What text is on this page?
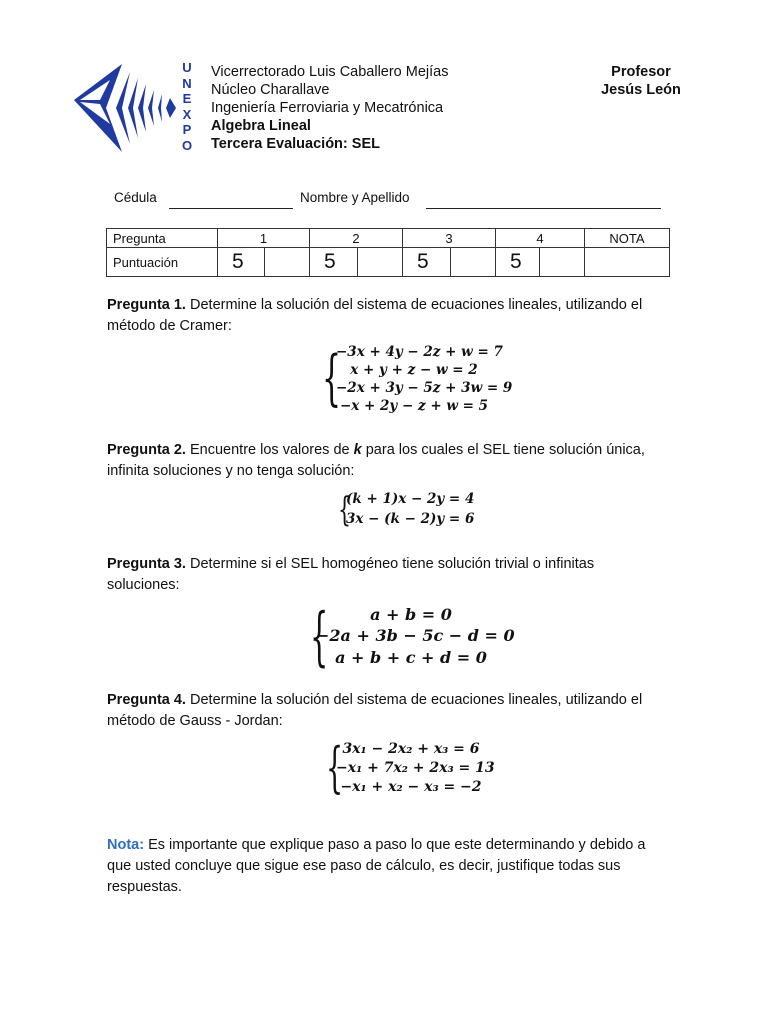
U
N
E
X
P
O
Vicerrectorado Luis Caballero Mejías
Núcleo Charallave
Ingeniería Ferroviaria y Mecatrónica
Algebra Lineal
Tercera Evaluación: SEL
Profesor
Jesús León
Cédula	Nombre y Apellido
Pregunta	1		2		3		4		NOTA
Puntuación	5		5		5		5		
Pregunta 1. Determine la solución del sistema de ecuaciones lineales, utilizando el método de Cramer:
{
−3x + 4y − 2z + w = 7
x + y + z − w = 2
−2x + 3y − 5z + 3w = 9
−x + 2y − z + w = 5
Pregunta 2. Encuentre los valores de k para los cuales el SEL tiene solución única, infinita soluciones y no tenga solución:
{
(k + 1)x − 2y = 4
3x − (k − 2)y = 6
Pregunta 3. Determine si el SEL homogéneo tiene solución trivial o infinitas soluciones:
{	a + b = 0
−2a + 3b − 5c − d = 0
a + b + c + d = 0
Pregunta 4. Determine la solución del sistema de ecuaciones lineales, utilizando el método de Gauss - Jordan:
{ 3x₁ − 2x₂ + x₃ = 6
−x₁ + 7x₂ + 2x₃ = 13
−x₁ + x₂ − x₃ = −2
Nota: Es importante que explique paso a paso lo que este determinando y debido a que usted concluye que sigue ese paso de cálculo, es decir, justifique todas sus respuestas.
